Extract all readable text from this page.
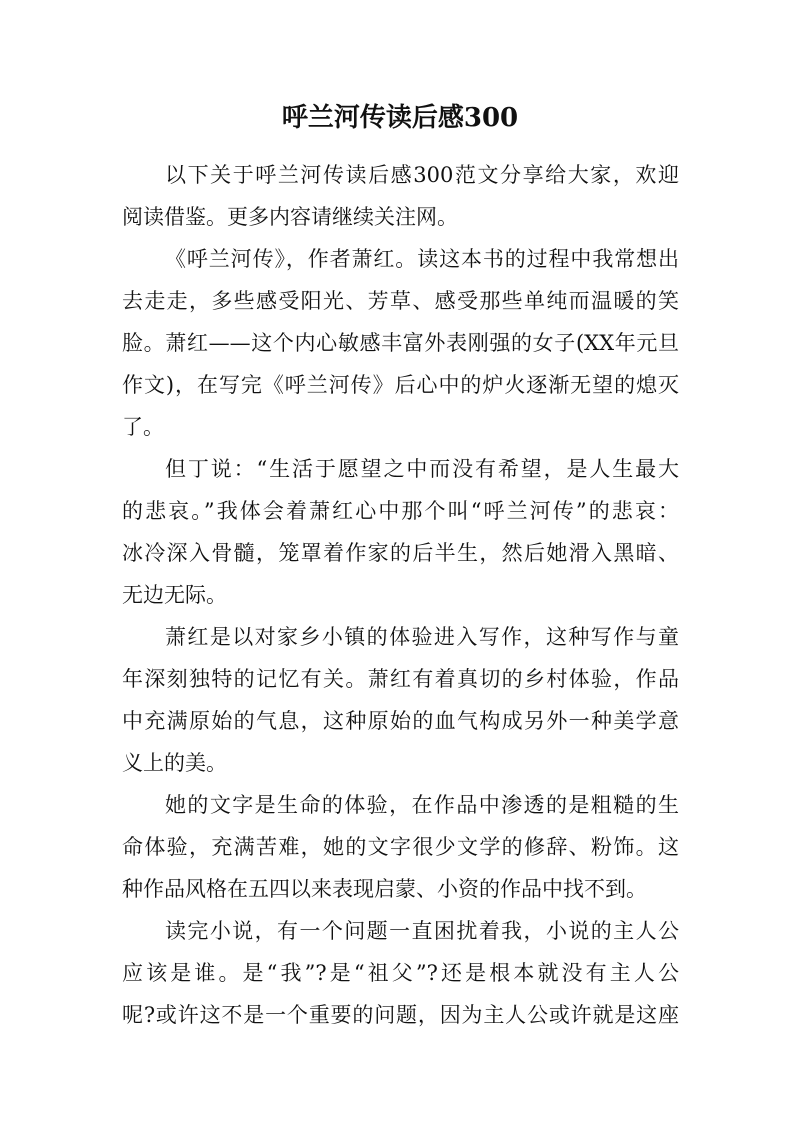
呼兰河传读后感300
以下关于呼兰河传读后感300范文分享给大家，欢迎
阅读借鉴。更多内容请继续关注网。
《呼兰河传》，作者萧红。读这本书的过程中我常想出
去走走，多些感受阳光、芳草、感受那些单纯而温暖的笑
脸。萧红——这个内心敏感丰富外表刚强的女子(XX年元旦
作文)，在写完《呼兰河传》后心中的炉火逐渐无望的熄灭
了。
但丁说：“生活于愿望之中而没有希望，是人生最大
的悲哀。”我体会着萧红心中那个叫“呼兰河传”的悲哀：
冰冷深入骨髓，笼罩着作家的后半生，然后她滑入黑暗、
无边无际。
萧红是以对家乡小镇的体验进入写作，这种写作与童
年深刻独特的记忆有关。萧红有着真切的乡村体验，作品
中充满原始的气息，这种原始的血气构成另外一种美学意
义上的美。
她的文字是生命的体验，在作品中渗透的是粗糙的生
命体验，充满苦难，她的文字很少文学的修辞、粉饰。这
种作品风格在五四以来表现启蒙、小资的作品中找不到。
读完小说，有一个问题一直困扰着我，小说的主人公
应该是谁。是“我”?是“祖父”?还是根本就没有主人公
呢?或许这不是一个重要的问题，因为主人公或许就是这座
